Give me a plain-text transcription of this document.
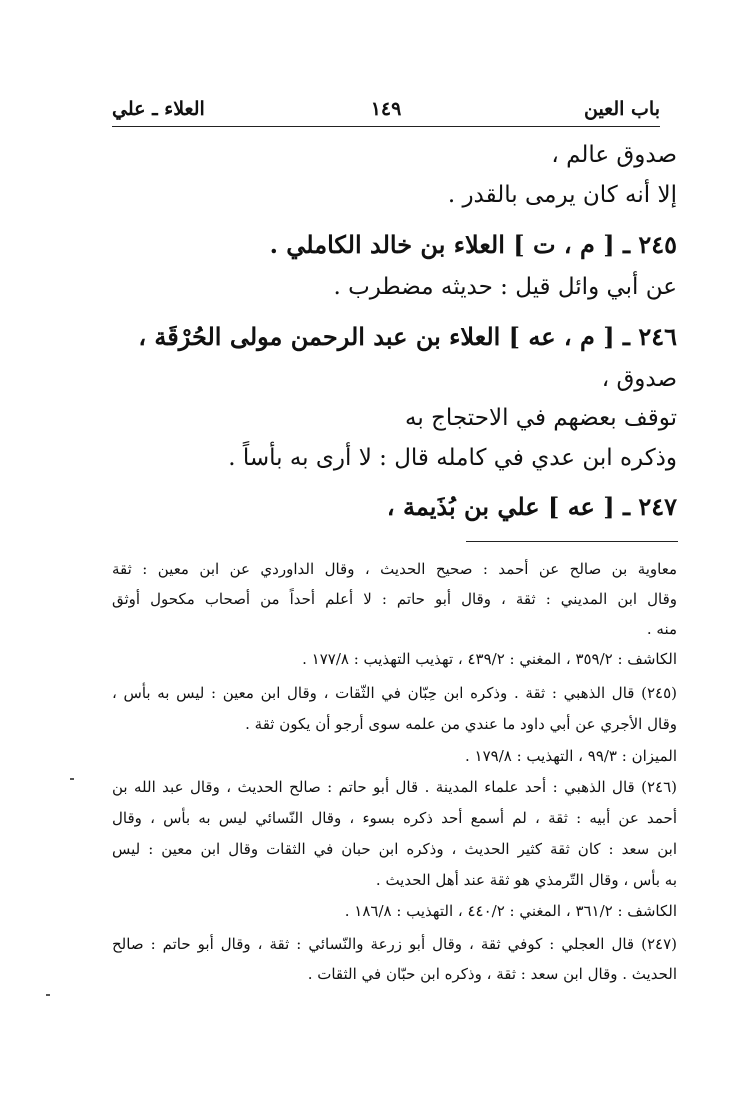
باب العين
١٤٩
العلاء ـ علي
صدوق عالم ،
إلا أنه كان يرمى بالقدر .
٢٤٥ ـ [ م ، ت ] العلاء بن خالد الكاملي .
عن أبي وائل قيل : حديثه مضطرب .
٢٤٦ ـ [ م ، عه ] العلاء بن عبد الرحمن مولى الحُرْقَة ،
صدوق ،
توقف بعضهم في الاحتجاج به
وذكره ابن عدي في كامله قال : لا أرى به بأساً .
٢٤٧ ـ [ عه ] علي بن بُذَيمة ،
معاوية بن صالح عن أحمد : صحيح الحديث ، وقال الداوردي عن ابن معين : ثقة
وقال ابن المديني : ثقة ، وقال أبو حاتم : لا أعلم أحداً من أصحاب مكحول أوثق
منه .
الكاشف : ٣٥٩/٢ ، المغني : ٤٣٩/٢ ، تهذيب التهذيب : ١٧٧/٨ .
(٢٤٥) قال الذهبي : ثقة . وذكره ابن حِبّان في الثّقات ، وقال ابن معين : ليس به بأس ،
وقال الأجري عن أبي داود ما عندي من علمه سوى أرجو أن يكون ثقة .
الميزان : ٩٩/٣ ، التهذيب : ١٧٩/٨ .
(٢٤٦) قال الذهبي : أحد علماء المدينة . قال أبو حاتم : صالح الحديث ، وقال عبد الله بن
أحمد عن أبيه : ثقة ، لم أسمع أحد ذكره بسوء ، وقال النّسائي ليس به بأس ، وقال
ابن سعد : كان ثقة كثير الحديث ، وذكره ابن حبان في الثقات وقال ابن معين : ليس
به بأس ، وقال التّرمذي هو ثقة عند أهل الحديث .
الكاشف : ٣٦١/٢ ، المغني : ٤٤٠/٢ ، التهذيب : ١٨٦/٨ .
(٢٤٧) قال العجلي : كوفي ثقة ، وقال أبو زرعة والنّسائي : ثقة ، وقال أبو حاتم : صالح
الحديث . وقال ابن سعد : ثقة ، وذكره ابن حبّان في الثقات .
